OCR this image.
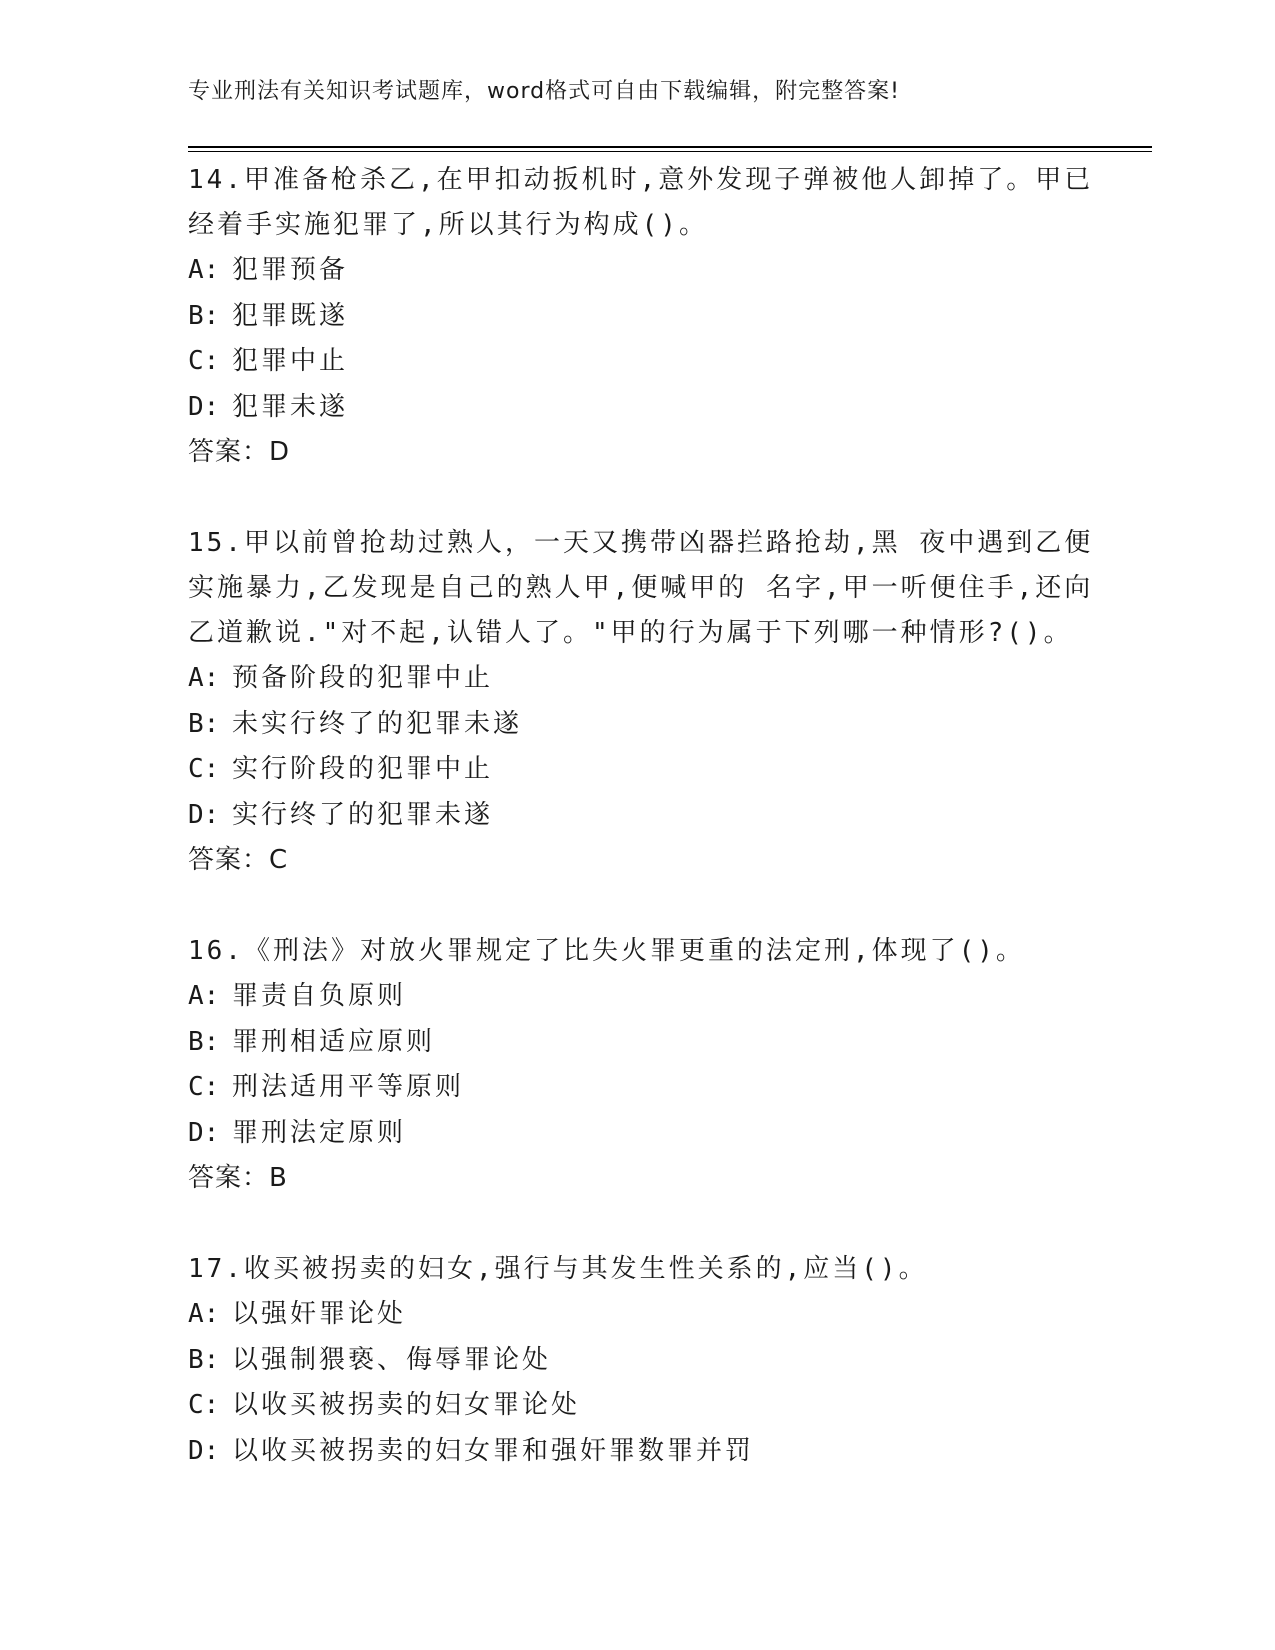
专业刑法有关知识考试题库，word格式可自由下载编辑，附完整答案!
14.甲准备枪杀乙,在甲扣动扳机时,意外发现子弹被他人卸掉了。甲已
经着手实施犯罪了,所以其行为构成()。
A: 犯罪预备
B: 犯罪既遂
C: 犯罪中止
D: 犯罪未遂
答案：D
15.甲以前曾抢劫过熟人，一天又携带凶器拦路抢劫,黑 夜中遇到乙便
实施暴力,乙发现是自己的熟人甲,便喊甲的 名字,甲一听便住手,还向
乙道歉说."对不起,认错人了。"甲的行为属于下列哪一种情形?()。
A: 预备阶段的犯罪中止
B: 未实行终了的犯罪未遂
C: 实行阶段的犯罪中止
D: 实行终了的犯罪未遂
答案：C
16.《刑法》对放火罪规定了比失火罪更重的法定刑,体现了()。
A: 罪责自负原则
B: 罪刑相适应原则
C: 刑法适用平等原则
D: 罪刑法定原则
答案：B
17.收买被拐卖的妇女,强行与其发生性关系的,应当()。
A: 以强奸罪论处
B: 以强制猥亵、侮辱罪论处
C: 以收买被拐卖的妇女罪论处
D: 以收买被拐卖的妇女罪和强奸罪数罪并罚
